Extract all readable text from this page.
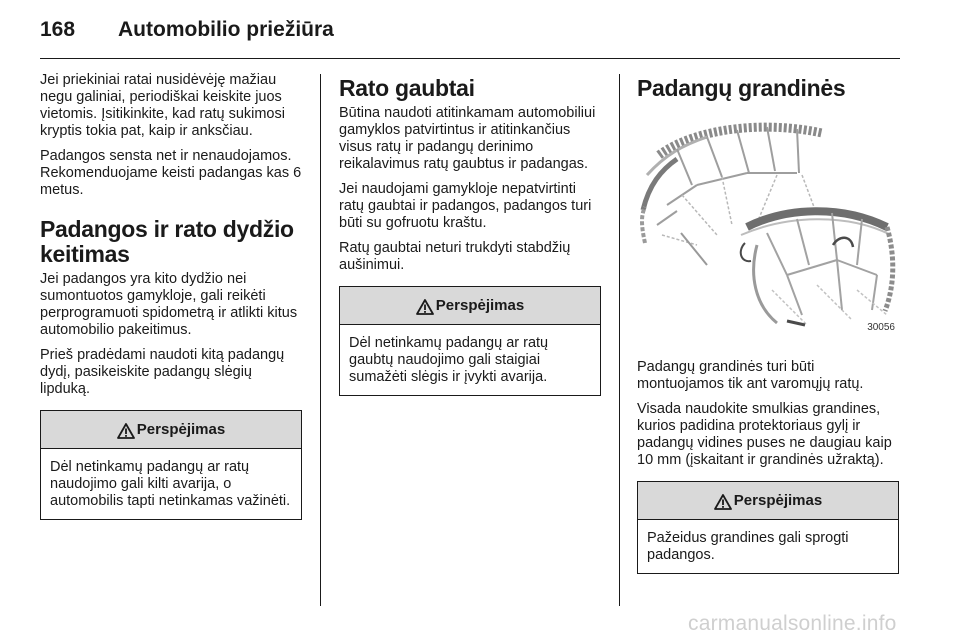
168	Automobilio priežiūra

Jei priekiniai ratai nusidėvėję mažiau negu galiniai, periodiškai keiskite juos vietomis. Įsitikinkite, kad ratų sukimosi kryptis tokia pat, kaip ir anksčiau.

Padangos sensta net ir nenaudojamos. Rekomenduojame keisti padangas kas 6 metus.

Padangos ir rato dydžio keitimas

Jei padangos yra kito dydžio nei sumontuotos gamykloje, gali reikėti perprogramuoti spidometrą ir atlikti kitus automobilio pakeitimus.

Prieš pradėdami naudoti kitą padangų dydį, pasikeiskite padangų slėgių lipduką.

Perspėjimas
Dėl netinkamų padangų ar ratų naudojimo gali kilti avarija, o automobilis tapti netinkamas važinėti.
Rato gaubtai

Būtina naudoti atitinkamam automobiliui gamyklos patvirtintus ir atitinkančius visus ratų ir padangų derinimo reikalavimus ratų gaubtus ir padangas.

Jei naudojami gamykloje nepatvirtinti ratų gaubtai ir padangos, padangos turi būti su gofruotu kraštu.

Ratų gaubtai neturi trukdyti stabdžių aušinimui.

Perspėjimas
Dėl netinkamų padangų ar ratų gaubtų naudojimo gali staigiai sumažėti slėgis ir įvykti avarija.
Padangų grandinės
30056

Padangų grandinės turi būti montuojamos tik ant varomųjų ratų.

Visada naudokite smulkias grandines, kurios padidina protektoriaus gylį ir padangų vidines puses ne daugiau kaip 10 mm (įskaitant ir grandinės užraktą).

Perspėjimas
Pažeidus grandines gali sprogti padangos.
carmanualsonline.info
